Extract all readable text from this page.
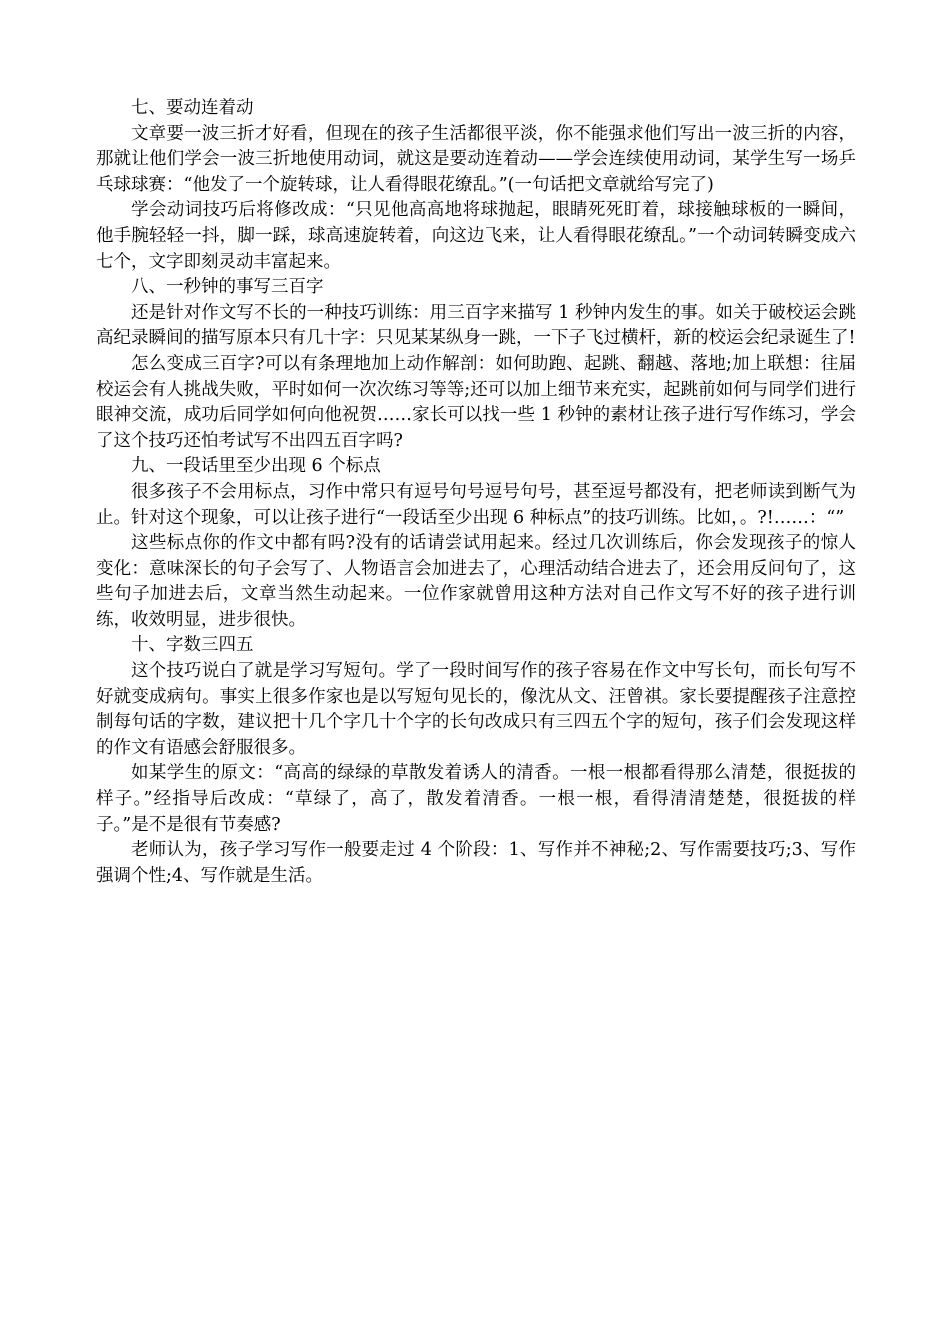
七、要动连着动

文章要一波三折才好看，但现在的孩子生活都很平淡，你不能强求他们写出一波三折的内容，那就让他们学会一波三折地使用动词，就这是要动连着动——学会连续使用动词，某学生写一场乒乓球球赛：“他发了一个旋转球，让人看得眼花缭乱。”(一句话把文章就给写完了)

学会动词技巧后将修改成：“只见他高高地将球抛起，眼睛死死盯着，球接触球板的一瞬间，他手腕轻轻一抖，脚一踩，球高速旋转着，向这边飞来，让人看得眼花缭乱。”一个动词转瞬变成六七个，文字即刻灵动丰富起来。

八、一秒钟的事写三百字

还是针对作文写不长的一种技巧训练：用三百字来描写 1 秒钟内发生的事。如关于破校运会跳高纪录瞬间的描写原本只有几十字：只见某某纵身一跳，一下子飞过横杆，新的校运会纪录诞生了!

怎么变成三百字?可以有条理地加上动作解剖：如何助跑、起跳、翻越、落地;加上联想：往届校运会有人挑战失败，平时如何一次次练习等等;还可以加上细节来充实，起跳前如何与同学们进行眼神交流，成功后同学如何向他祝贺……家长可以找一些 1 秒钟的素材让孩子进行写作练习，学会了这个技巧还怕考试写不出四五百字吗?

九、一段话里至少出现 6 个标点

很多孩子不会用标点，习作中常只有逗号句号逗号句号，甚至逗号都没有，把老师读到断气为止。针对这个现象，可以让孩子进行“一段话至少出现 6 种标点”的技巧训练。比如，。?!……：“”

这些标点你的作文中都有吗?没有的话请尝试用起来。经过几次训练后，你会发现孩子的惊人变化：意味深长的句子会写了、人物语言会加进去了，心理活动结合进去了，还会用反问句了，这些句子加进去后，文章当然生动起来。一位作家就曾用这种方法对自己作文写不好的孩子进行训练，收效明显，进步很快。

十、字数三四五

这个技巧说白了就是学习写短句。学了一段时间写作的孩子容易在作文中写长句，而长句写不好就变成病句。事实上很多作家也是以写短句见长的，像沈从文、汪曾祺。家长要提醒孩子注意控制每句话的字数，建议把十几个字几十个字的长句改成只有三四五个字的短句，孩子们会发现这样的作文有语感会舒服很多。

如某学生的原文：“高高的绿绿的草散发着诱人的清香。一根一根都看得那么清楚，很挺拔的样子。”经指导后改成：“草绿了，高了，散发着清香。一根一根，看得清清楚楚，很挺拔的样子。”是不是很有节奏感?

老师认为，孩子学习写作一般要走过 4 个阶段：1、写作并不神秘;2、写作需要技巧;3、写作强调个性;4、写作就是生活。
